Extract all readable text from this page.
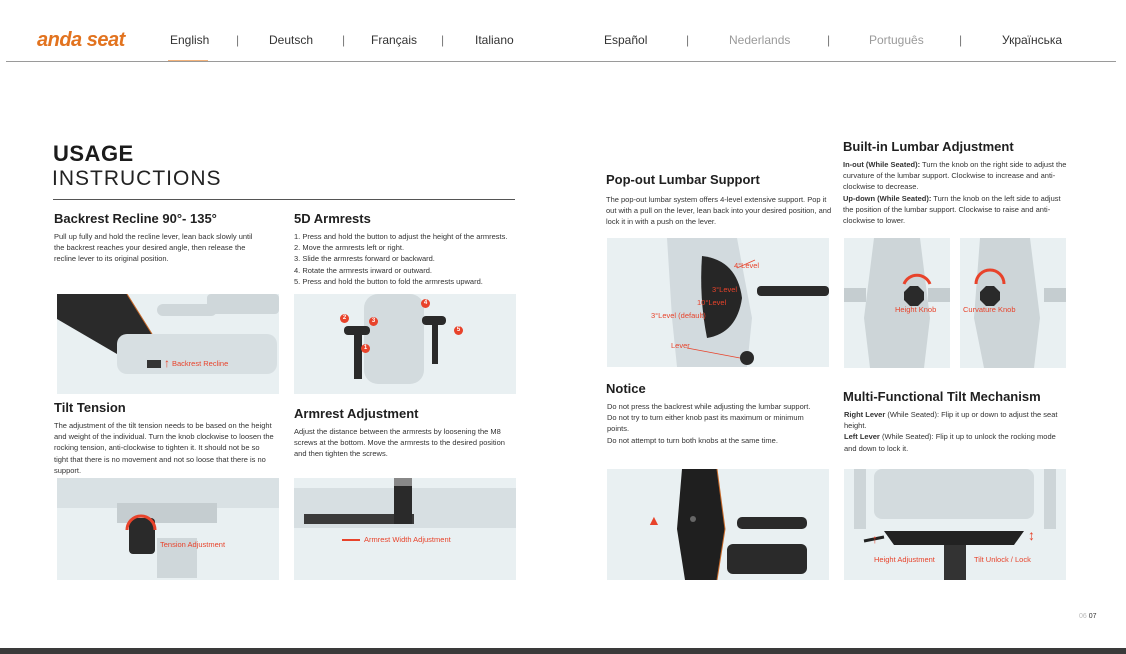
anda seat	English | Deutsch | Français |	Italiano	Español	|	Nederlands	|	Português	|	Українська
USAGE
INSTRUCTIONS
Backrest Recline 90°- 135°
Pull up fully and hold the recline lever, lean back slowly until the backrest reaches your desired angle, then release the recline lever to its original position.
↑ Backrest Recline
5D Armrests
1. Press and hold the button to adjust the height of the armrests.
2. Move the armrests left or right.
3. Slide the armrests forward or backward.
4. Rotate the armrests inward or outward.
5. Press and hold the button to fold the armrests upward.
2	3
1
4
5
Tilt Tension
The adjustment of the tilt tension needs to be based on the height and weight of the individual. Turn the knob clockwise to loosen the rocking tension, anti-clockwise to tighten it. It should not be so tight that there is no movement and not so loose that there is no support.
Tension Adjustment
Armrest Adjustment
Adjust the distance between the armrests by loosening the M8 screws at the bottom. Move the armrests to the desired position and then tighten the screws.
Armrest Width Adjustment
Pop-out Lumbar Support
The pop-out lumbar system offers 4-level extensive support. Pop it out with a pull on the lever, lean back into your desired position, and lock it in with a push on the lever.
4°Level
3°Level
10°Level
3°Level (default)
Lever
Notice
Do not press the backrest while adjusting the lumbar support.
Do not try to turn either knob past its maximum or minimum points.
Do not attempt to turn both knobs at the same time.
▲
Built-in Lumbar Adjustment
In-out (While Seated): Turn the knob on the right side to adjust the curvature of the lumbar support. Clockwise to increase and anti-clockwise to decrease.
Up-down (While Seated): Turn the knob on the left side to adjust the position of the lumbar support. Clockwise to raise and anti-clockwise to lower.
Height Knob	Curvature Knob
Multi-Functional Tilt Mechanism
Right Lever (While Seated): Flip it up or down to adjust the seat height.
Left Lever (While Seated): Flip it up to unlock the rocking mode and down to lock it.
↑	↕
Height Adjustment	Tilt Unlock / Lock
06 07
